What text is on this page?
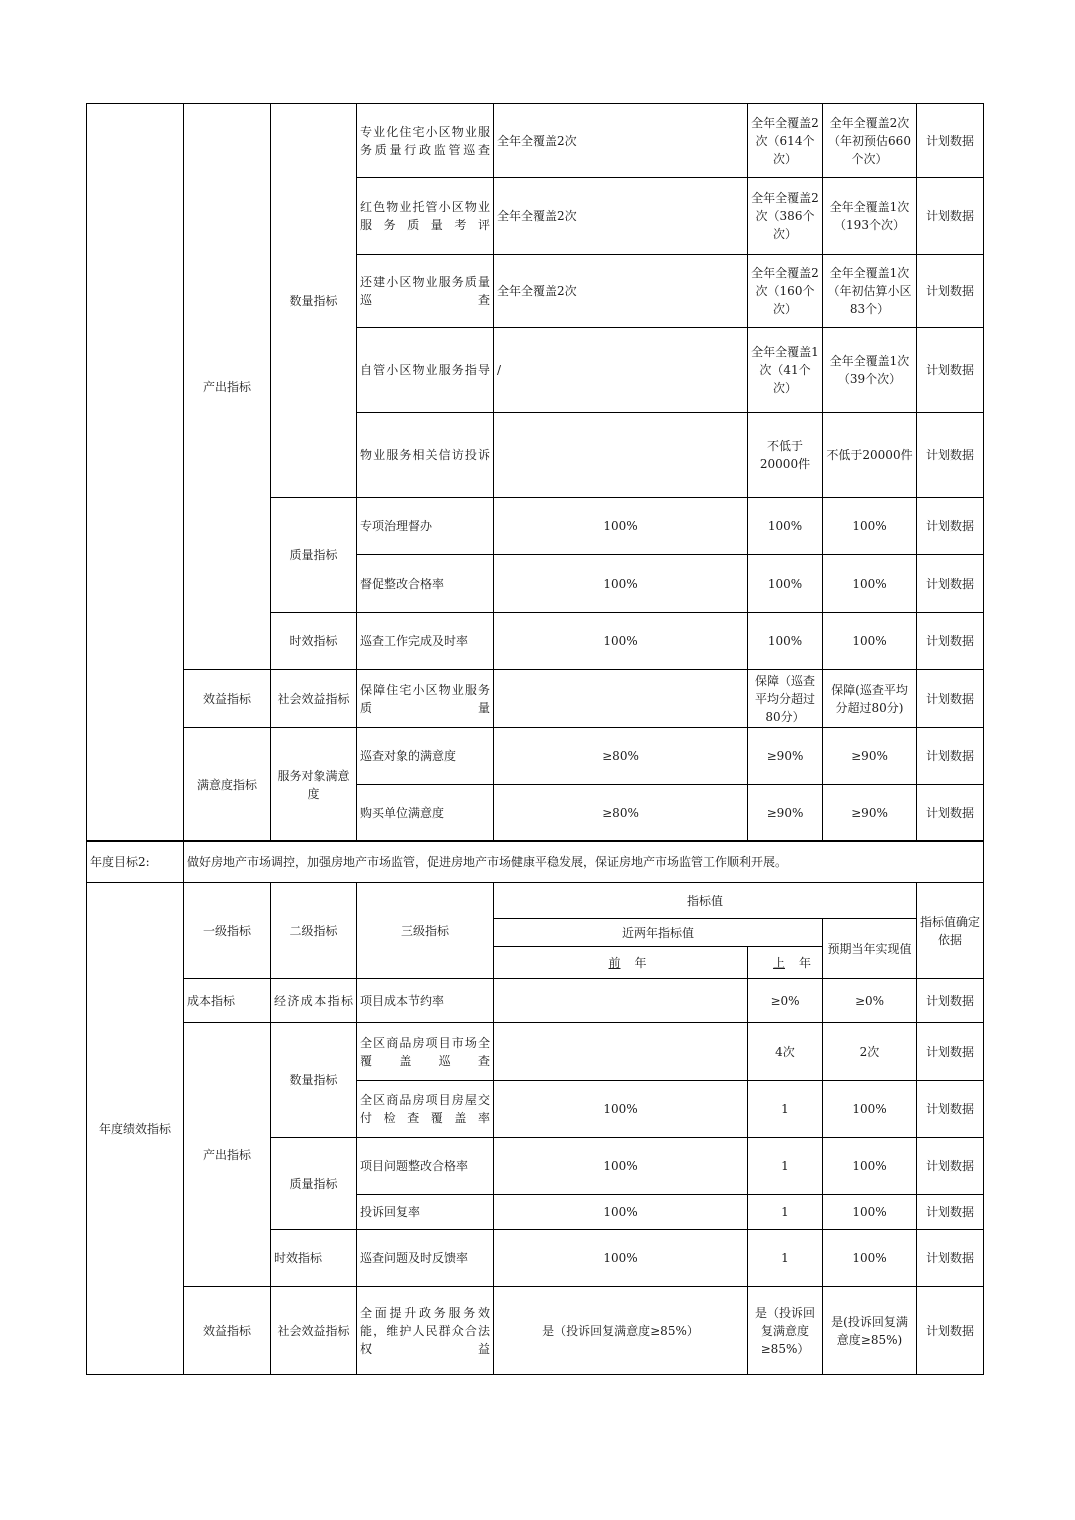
	产出指标	数量指标	专业化住宅小区物业服务质量行政监管巡查	全年全覆盖2次	全年全覆盖2次（614个次）	全年全覆盖2次（年初预估660个次）	计划数据
			红色物业托管小区物业服务质量考评	全年全覆盖2次	全年全覆盖2次（386个次）	全年全覆盖1次（193个次）	计划数据
			还建小区物业服务质量巡查	全年全覆盖2次	全年全覆盖2次（160个次）	全年全覆盖1次（年初估算小区83个）	计划数据
			自管小区物业服务指导	/	全年全覆盖1次（41个次）	全年全覆盖1次（39个次）	计划数据
			物业服务相关信访投诉		不低于20000件	不低于20000件	计划数据
		质量指标	专项治理督办	100%	100%	100%	计划数据
			督促整改合格率	100%	100%	100%	计划数据
		时效指标	巡查工作完成及时率	100%	100%	100%	计划数据
	效益指标	社会效益指标	保障住宅小区物业服务质量		保障（巡查平均分超过80分）	保障(巡查平均分超过80分)	计划数据
	满意度指标	服务对象满意度	巡查对象的满意度	≥80%	≥90%	≥90%	计划数据
			购买单位满意度	≥80%	≥90%	≥90%	计划数据
年度目标2:	做好房地产市场调控，加强房地产市场监管，促进房地产市场健康平稳发展，保证房地产市场监管工作顺利开展。						
年度绩效指标	一级指标	二级指标	三级指标	指标值			指标值确定依据
				近两年指标值		预期当年实现值	
				前 年	上 年		
	成本指标	经济成本指标	项目成本节约率		≥0%	≥0%	计划数据
	产出指标	数量指标	全区商品房项目市场全覆盖巡查		4次	2次	计划数据
			全区商品房项目房屋交付检查覆盖率	100%	1	100%	计划数据
		质量指标	项目问题整改合格率	100%	1	100%	计划数据
			投诉回复率	100%	1	100%	计划数据
		时效指标	巡查问题及时反馈率	100%	1	100%	计划数据
	效益指标	社会效益指标	全面提升政务服务效能，维护人民群众合法权益	是（投诉回复满意度≥85%）	是（投诉回复满意度≥85%）	是(投诉回复满意度≥85%)	计划数据
